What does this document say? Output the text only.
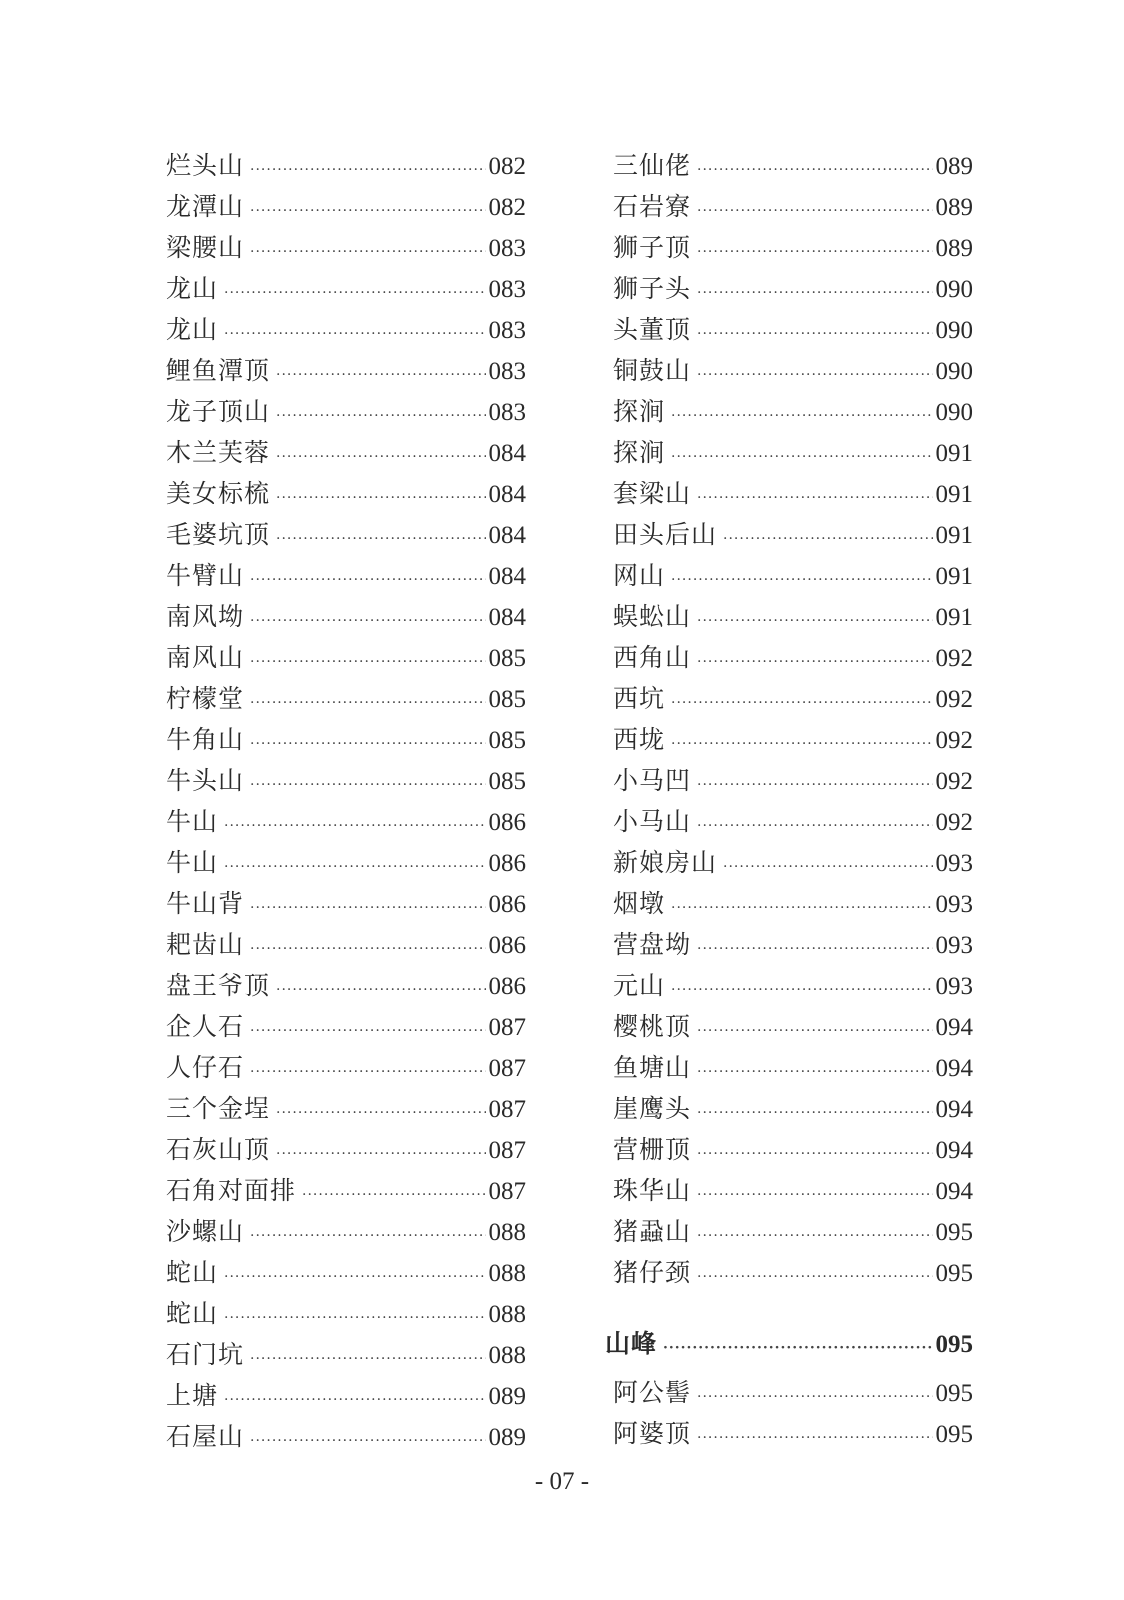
烂头山 ·····	082
龙潭山 ·····	082
梁腰山 ·····	083
龙山 ·····	083
龙山 ·····	083
鲤鱼潭顶 ·····	083
龙子顶山 ·····	083
木兰芙蓉 ·····	084
美女标梳 ·····	084
毛婆坑顶 ·····	084
牛臂山 ·····	084
南风坳 ·····	084
南风山 ·····	085
柠檬堂 ·····	085
牛角山 ·····	085
牛头山 ·····	085
牛山 ·····	086
牛山 ·····	086
牛山背 ·····	086
耙齿山 ·····	086
盘王爷顶 ·····	086
企人石 ·····	087
人仔石 ·····	087
三个金埕 ·····	087
石灰山顶 ·····	087
石角对面排 ·····	087
沙螺山 ·····	088
蛇山 ·····	088
蛇山 ·····	088
石门坑 ·····	088
上塘 ·····	089
石屋山 ·····	089
三仙佬 ·····	089
石岩寮 ·····	089
狮子顶 ·····	089
狮子头 ·····	090
头董顶 ·····	090
铜鼓山 ·····	090
探涧 ·····	090
探涧 ·····	091
套梁山 ·····	091
田头后山 ·····	091
网山 ·····	091
蜈蚣山 ·····	091
西角山 ·····	092
西坑 ·····	092
西垅 ·····	092
小马凹 ·····	092
小马山 ·····	092
新娘房山 ·····	093
烟墩 ·····	093
营盘坳 ·····	093
元山 ·····	093
樱桃顶 ·····	094
鱼塘山 ·····	094
崖鹰头 ·····	094
营栅顶 ·····	094
珠华山 ·····	094
猪蝨山 ·····	095
猪仔颈 ·····	095
山峰 ·····	095
阿公髻 ·····	095
阿婆顶 ·····	095
- 07 -
